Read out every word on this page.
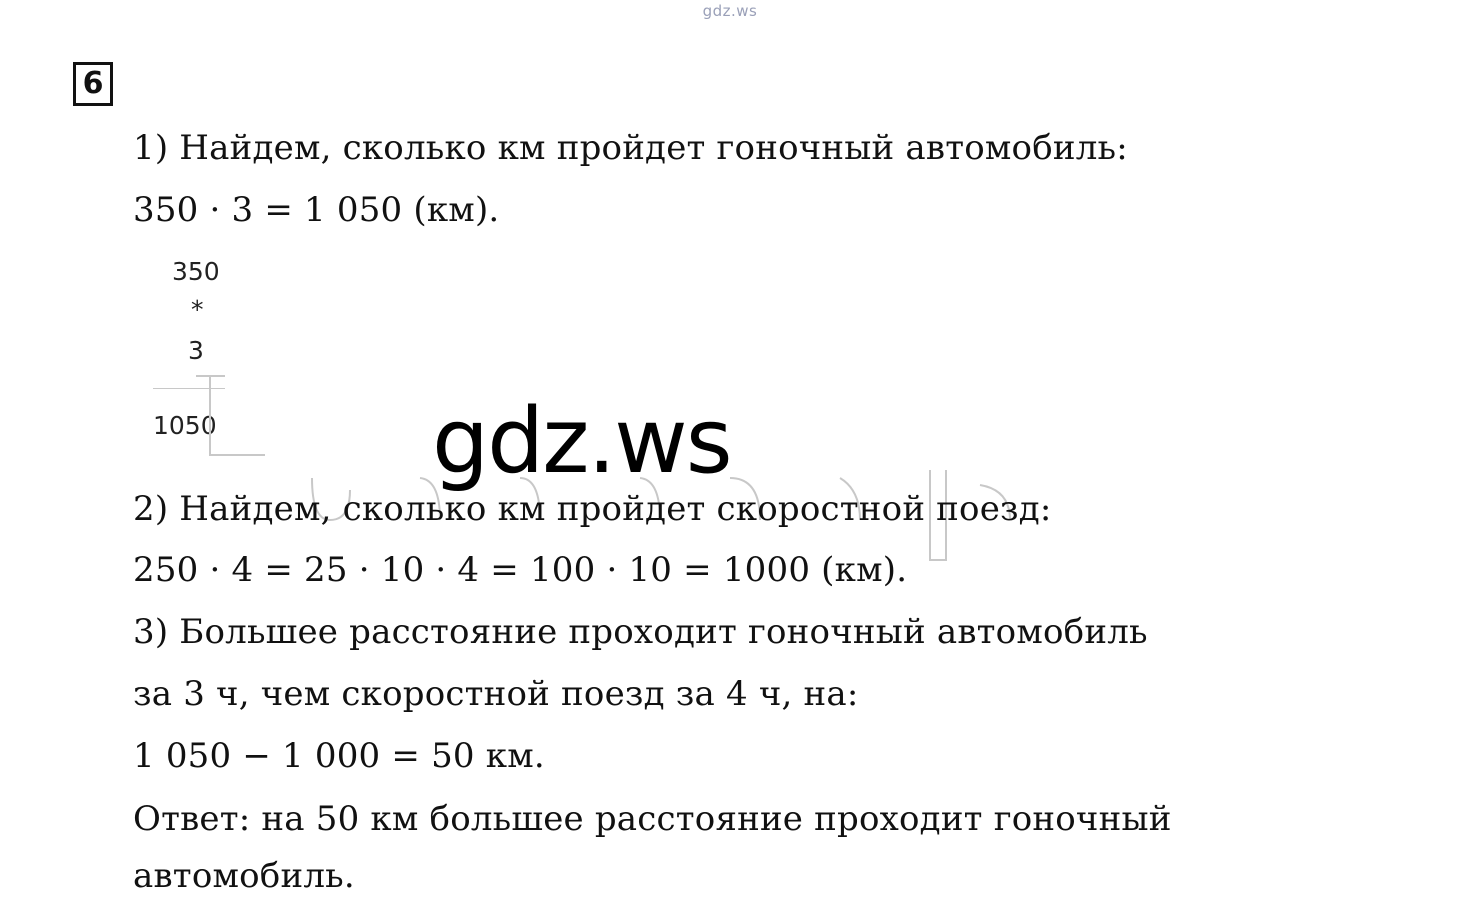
gdz.ws
6
1) Найдем, сколько км пройдет гоночный автомобиль:
350 · 3 = 1 050 (км).
350
*
3
1050 gdz.ws
2) Найдем, сколько км пройдет скоростной поезд:
250 · 4 = 25 · 10 · 4 = 100 · 10 = 1000 (км).
3) Большее расстояние проходит гоночный автомобиль
за 3 ч, чем скоростной поезд за 4 ч, на:
1 050 − 1 000 = 50 км.
Ответ: на 50 км большее расстояние проходит гоночный
автомобиль.
